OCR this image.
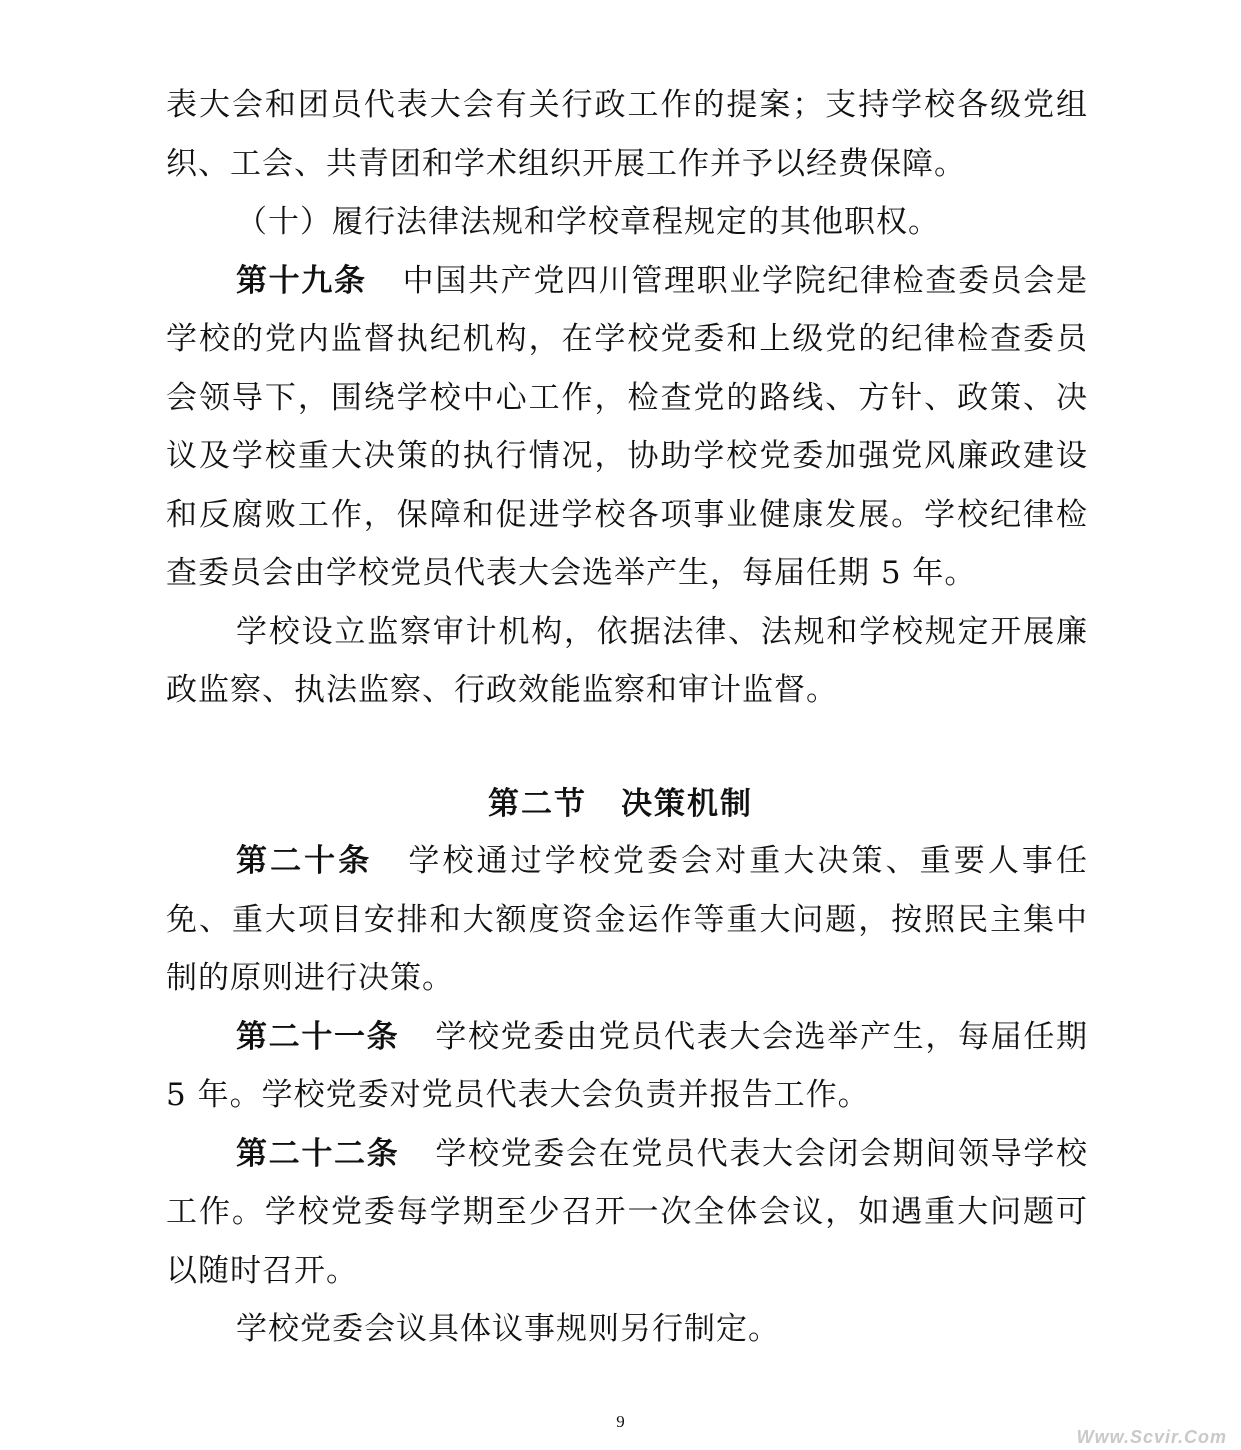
表大会和团员代表大会有关行政工作的提案；支持学校各级党组织、工会、共青团和学术组织开展工作并予以经费保障。

（十）履行法律法规和学校章程规定的其他职权。

第十九条 中国共产党四川管理职业学院纪律检查委员会是学校的党内监督执纪机构，在学校党委和上级党的纪律检查委员会领导下，围绕学校中心工作，检查党的路线、方针、政策、决议及学校重大决策的执行情况，协助学校党委加强党风廉政建设和反腐败工作，保障和促进学校各项事业健康发展。学校纪律检查委员会由学校党员代表大会选举产生，每届任期 5 年。

学校设立监察审计机构，依据法律、法规和学校规定开展廉政监察、执法监察、行政效能监察和审计监督。

第二节 决策机制

第二十条 学校通过学校党委会对重大决策、重要人事任免、重大项目安排和大额度资金运作等重大问题，按照民主集中制的原则进行决策。

第二十一条 学校党委由党员代表大会选举产生，每届任期 5 年。学校党委对党员代表大会负责并报告工作。

第二十二条 学校党委会在党员代表大会闭会期间领导学校工作。学校党委每学期至少召开一次全体会议，如遇重大问题可以随时召开。

学校党委会议具体议事规则另行制定。

9
Www.Scvir.Com
